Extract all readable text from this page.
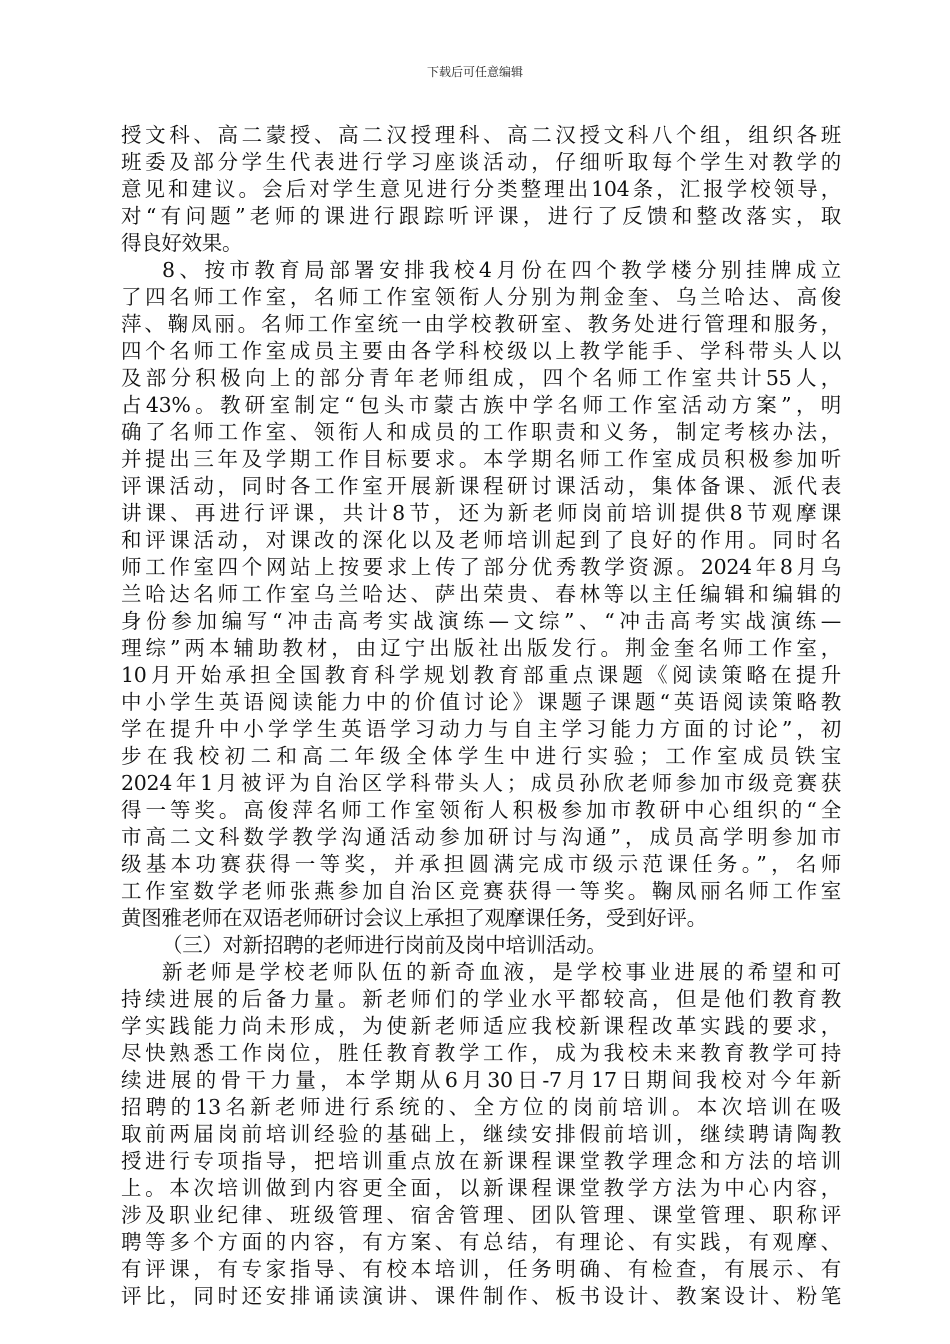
下载后可任意编辑
授文科、高二蒙授、高二汉授理科、高二汉授文科八个组，组织各班
班委及部分学生代表进行学习座谈活动，仔细听取每个学生对教学的
意见和建议。会后对学生意见进行分类整理出104条，汇报学校领导，
对“有问题”老师的课进行跟踪听评课，进行了反馈和整改落实，取
得良好效果。
8、按市教育局部署安排我校4月份在四个教学楼分别挂牌成立
了四名师工作室，名师工作室领衔人分别为荆金奎、乌兰哈达、高俊
萍、鞠凤丽。名师工作室统一由学校教研室、教务处进行管理和服务，
四个名师工作室成员主要由各学科校级以上教学能手、学科带头人以
及部分积极向上的部分青年老师组成，四个名师工作室共计55人，
占43%。教研室制定“包头市蒙古族中学名师工作室活动方案”，明
确了名师工作室、领衔人和成员的工作职责和义务，制定考核办法，
并提出三年及学期工作目标要求。本学期名师工作室成员积极参加听
评课活动，同时各工作室开展新课程研讨课活动，集体备课、派代表
讲课、再进行评课，共计8节，还为新老师岗前培训提供8节观摩课
和评课活动，对课改的深化以及老师培训起到了良好的作用。同时名
师工作室四个网站上按要求上传了部分优秀教学资源。2024年8月乌
兰哈达名师工作室乌兰哈达、萨出荣贵、春林等以主任编辑和编辑的
身份参加编写“冲击高考实战演练—文综”、“冲击高考实战演练—
理综”两本辅助教材，由辽宁出版社出版发行。荆金奎名师工作室，
10月开始承担全国教育科学规划教育部重点课题《阅读策略在提升
中小学生英语阅读能力中的价值讨论》课题子课题“英语阅读策略教
学在提升中小学学生英语学习动力与自主学习能力方面的讨论”，初
步在我校初二和高二年级全体学生中进行实验；工作室成员铁宝
2024年1月被评为自治区学科带头人；成员孙欣老师参加市级竞赛获
得一等奖。高俊萍名师工作室领衔人积极参加市教研中心组织的“全
市高二文科数学教学沟通活动参加研讨与沟通”，成员高学明参加市
级基本功赛获得一等奖，并承担圆满完成市级示范课任务。”，名师
工作室数学老师张燕参加自治区竞赛获得一等奖。鞠凤丽名师工作室
黄图雅老师在双语老师研讨会议上承担了观摩课任务，受到好评。
（三）对新招聘的老师进行岗前及岗中培训活动。
新老师是学校老师队伍的新奇血液，是学校事业进展的希望和可
持续进展的后备力量。新老师们的学业水平都较高，但是他们教育教
学实践能力尚未形成，为使新老师适应我校新课程改革实践的要求，
尽快熟悉工作岗位，胜任教育教学工作，成为我校未来教育教学可持
续进展的骨干力量，本学期从6月30日-7月17日期间我校对今年新
招聘的13名新老师进行系统的、全方位的岗前培训。本次培训在吸
取前两届岗前培训经验的基础上，继续安排假前培训，继续聘请陶教
授进行专项指导，把培训重点放在新课程课堂教学理念和方法的培训
上。本次培训做到内容更全面，以新课程课堂教学方法为中心内容，
涉及职业纪律、班级管理、宿舍管理、团队管理、课堂管理、职称评
聘等多个方面的内容，有方案、有总结，有理论、有实践，有观摩、
有评课，有专家指导、有校本培训，任务明确、有检查，有展示、有
评比，同时还安排诵读演讲、课件制作、板书设计、教案设计、粉笔
